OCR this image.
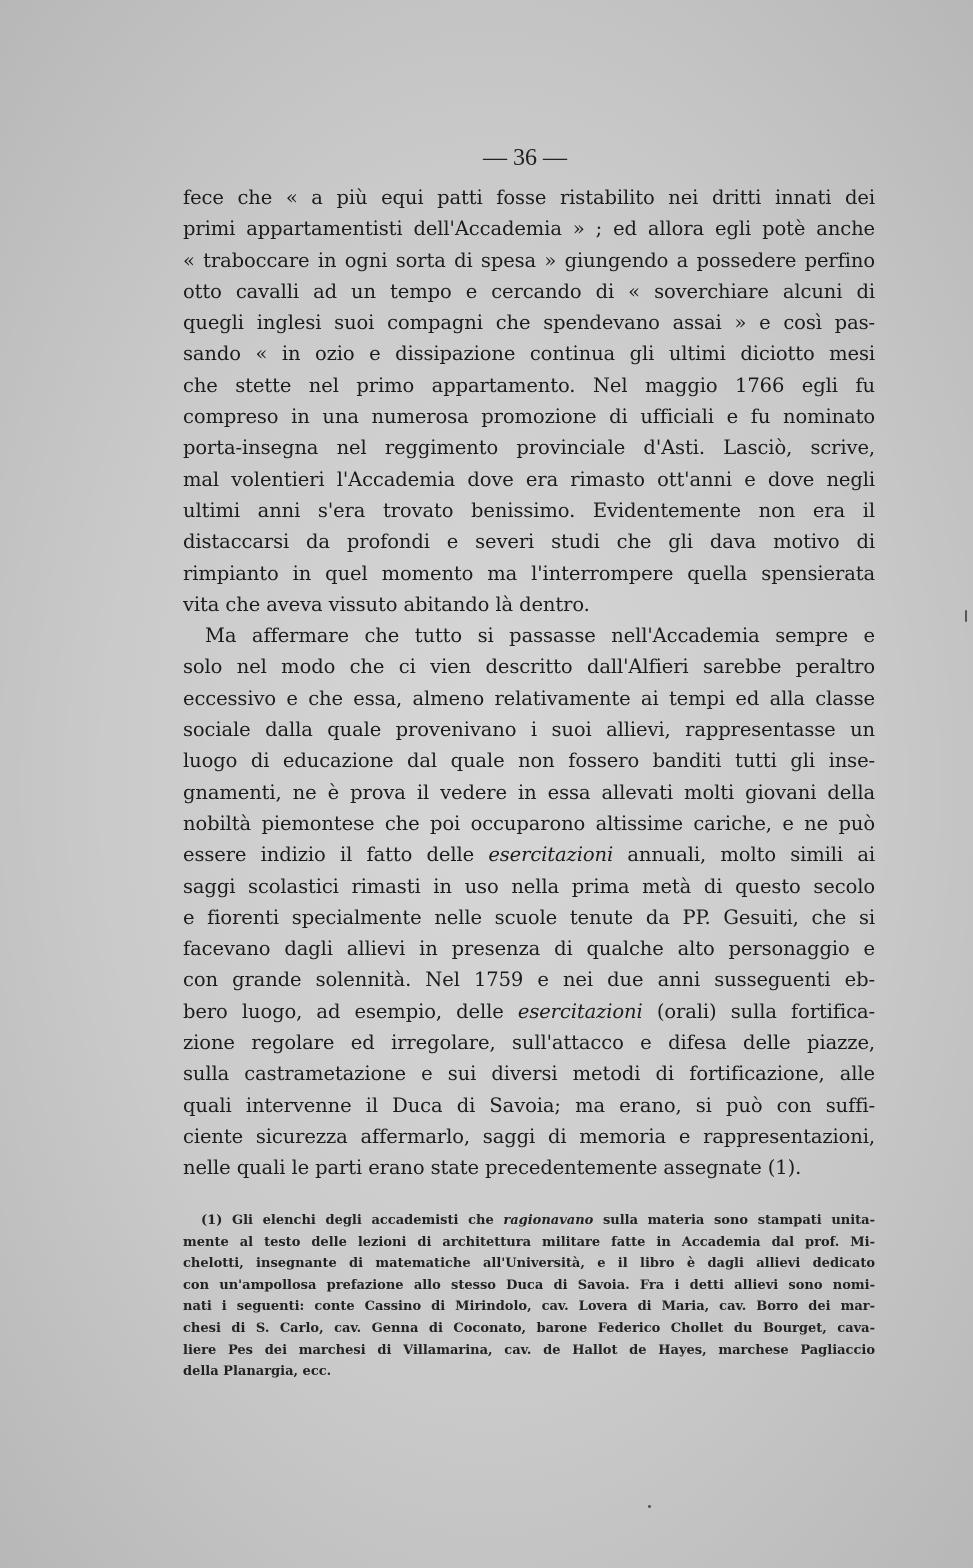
— 36 —
fece che « a più equi patti fosse ristabilito nei dritti innati dei
primi appartamentisti dell'Accademia » ; ed allora egli potè anche
« traboccare in ogni sorta di spesa » giungendo a possedere perfino
otto cavalli ad un tempo e cercando di « soverchiare alcuni di
quegli inglesi suoi compagni che spendevano assai » e così pas-
sando « in ozio e dissipazione continua gli ultimi diciotto mesi
che stette nel primo appartamento. Nel maggio 1766 egli fu
compreso in una numerosa promozione di ufficiali e fu nominato
porta-insegna nel reggimento provinciale d'Asti. Lasciò, scrive,
mal volentieri l'Accademia dove era rimasto ott'anni e dove negli
ultimi anni s'era trovato benissimo. Evidentemente non era il
distaccarsi da profondi e severi studi che gli dava motivo di
rimpianto in quel momento ma l'interrompere quella spensierata
vita che aveva vissuto abitando là dentro.
Ma affermare che tutto si passasse nell'Accademia sempre e
solo nel modo che ci vien descritto dall'Alfieri sarebbe peraltro
eccessivo e che essa, almeno relativamente ai tempi ed alla classe
sociale dalla quale provenivano i suoi allievi, rappresentasse un
luogo di educazione dal quale non fossero banditi tutti gli inse-
gnamenti, ne è prova il vedere in essa allevati molti giovani della
nobiltà piemontese che poi occuparono altissime cariche, e ne può
essere indizio il fatto delle esercitazioni annuali, molto simili ai
saggi scolastici rimasti in uso nella prima metà di questo secolo
e fiorenti specialmente nelle scuole tenute da PP. Gesuiti, che si
facevano dagli allievi in presenza di qualche alto personaggio e
con grande solennità. Nel 1759 e nei due anni susseguenti eb-
bero luogo, ad esempio, delle esercitazioni (orali) sulla fortifica-
zione regolare ed irregolare, sull'attacco e difesa delle piazze,
sulla castrametazione e sui diversi metodi di fortificazione, alle
quali intervenne il Duca di Savoia; ma erano, si può con suffi-
ciente sicurezza affermarlo, saggi di memoria e rappresentazioni,
nelle quali le parti erano state precedentemente assegnate (1).
(1) Gli elenchi degli accademisti che ragionavano sulla materia sono stampati unita-
mente al testo delle lezioni di architettura militare fatte in Accademia dal prof. Mi-
chelotti, insegnante di matematiche all'Università, e il libro è dagli allievi dedicato
con un'ampollosa prefazione allo stesso Duca di Savoia. Fra i detti allievi sono nomi-
nati i seguenti: conte Cassino di Mirindolo, cav. Lovera di Maria, cav. Borro dei mar-
chesi di S. Carlo, cav. Genna di Coconato, barone Federico Chollet du Bourget, cava-
liere Pes dei marchesi di Villamarina, cav. de Hallot de Hayes, marchese Pagliaccio
della Planargia, ecc.
